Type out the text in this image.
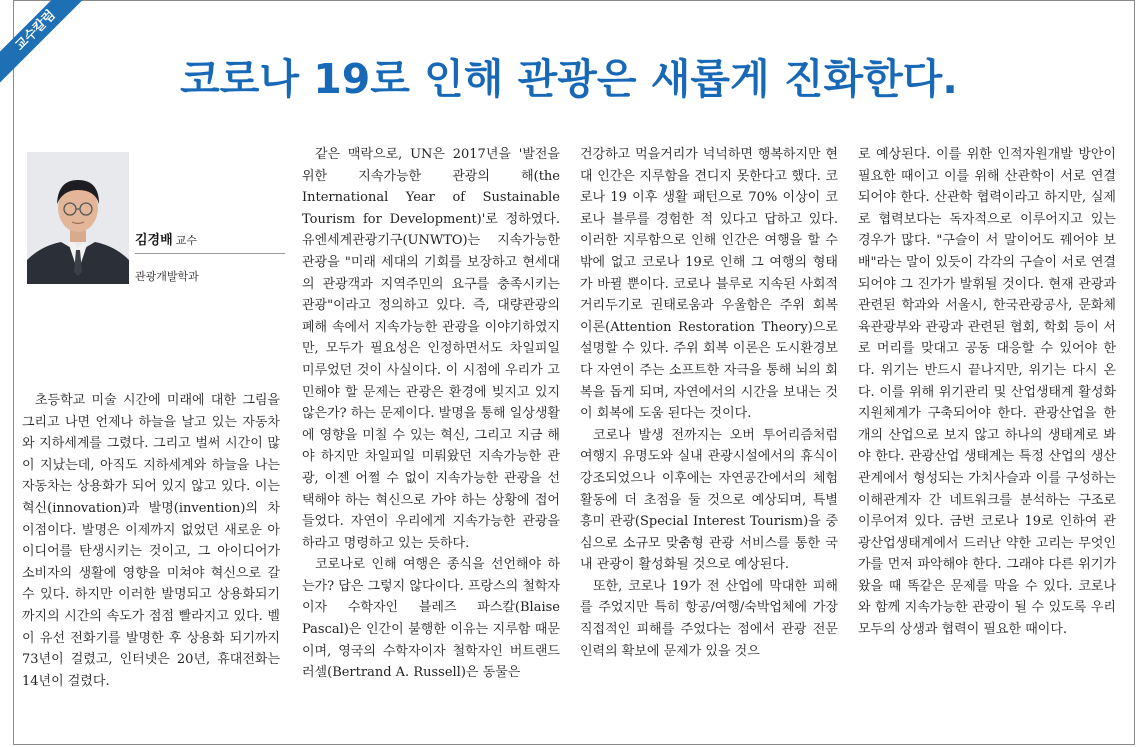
교수칼럼
코로나 19로 인해 관광은 새롭게 진화한다.
김경배 교수
관광개발학과

초등학교 미술 시간에 미래에 대한 그림을 그리고 나면 언제나 하늘을 날고 있는 자동차와 지하세계를 그렸다. 그리고 벌써 시간이 많이 지났는데, 아직도 지하세계와 하늘을 나는 자동차는 상용화가 되어 있지 않고 있다. 이는 혁신(innovation)과 발명(invention)의 차이점이다. 발명은 이제까지 없었던 새로운 아이디어를 탄생시키는 것이고, 그 아이디어가 소비자의 생활에 영향을 미쳐야 혁신으로 갈 수 있다. 하지만 이러한 발명되고 상용화되기까지의 시간의 속도가 점점 빨라지고 있다. 벨이 유선 전화기를 발명한 후 상용화 되기까지 73년이 걸렸고, 인터넷은 20년, 휴대전화는 14년이 걸렸다.

같은 맥락으로, UN은 2017년을 '발전을 위한 지속가능한 관광의 해(the International Year of Sustainable Tourism for Development)'로 정하였다. 유엔세계관광기구(UNWTO)는 지속가능한 관광을 "미래 세대의 기회를 보장하고 현세대의 관광객과 지역주민의 요구를 충족시키는 관광"이라고 정의하고 있다. 즉, 대량관광의 폐해 속에서 지속가능한 관광을 이야기하였지만, 모두가 필요성은 인정하면서도 차일피일 미루었던 것이 사실이다. 이 시점에 우리가 고민해야 할 문제는 관광은 환경에 빚지고 있지 않은가? 하는 문제이다. 발명을 통해 일상생활에 영향을 미칠 수 있는 혁신, 그리고 지금 해야 하지만 차일피일 미뤄왔던 지속가능한 관광, 이젠 어쩔 수 없이 지속가능한 관광을 선택해야 하는 혁신으로 가야 하는 상황에 접어들었다. 자연이 우리에게 지속가능한 관광을 하라고 명령하고 있는 듯하다.

코로나로 인해 여행은 종식을 선언해야 하는가? 답은 그렇지 않다이다. 프랑스의 철학자이자 수학자인 블레즈 파스칼(Blaise Pascal)은 인간이 불행한 이유는 지루함 때문이며, 영국의 수학자이자 철학자인 버트랜드 러셀(Bertrand A. Russell)은 동물은

건강하고 먹을거리가 넉넉하면 행복하지만 현대 인간은 지루함을 견디지 못한다고 했다. 코로나 19 이후 생활 패턴으로 70% 이상이 코로나 블루를 경험한 적 있다고 답하고 있다. 이러한 지루함으로 인해 인간은 여행을 할 수밖에 없고 코로나 19로 인해 그 여행의 형태가 바뀔 뿐이다. 코로나 블루로 지속된 사회적 거리두기로 권태로움과 우울함은 주위 회복 이론(Attention Restoration Theory)으로 설명할 수 있다. 주위 회복 이론은 도시환경보다 자연이 주는 소프트한 자극을 통해 뇌의 회복을 돕게 되며, 자연에서의 시간을 보내는 것이 회복에 도움 된다는 것이다.

코로나 발생 전까지는 오버 투어리즘처럼 여행지 유명도와 실내 관광시설에서의 휴식이 강조되었으나 이후에는 자연공간에서의 체험 활동에 더 초점을 둘 것으로 예상되며, 특별 흥미 관광(Special Interest Tourism)을 중심으로 소규모 맞춤형 관광 서비스를 통한 국내 관광이 활성화될 것으로 예상된다.

또한, 코로나 19가 전 산업에 막대한 피해를 주었지만 특히 항공/여행/숙박업체에 가장 직접적인 피해를 주었다는 점에서 관광 전문 인력의 확보에 문제가 있을 것으

로 예상된다. 이를 위한 인적자원개발 방안이 필요한 때이고 이를 위해 산관학이 서로 연결되어야 한다. 산관학 협력이라고 하지만, 실제로 협력보다는 독자적으로 이루어지고 있는 경우가 많다. "구슬이 서 말이어도 꿰어야 보배"라는 말이 있듯이 각각의 구슬이 서로 연결되어야 그 진가가 발휘될 것이다. 현재 관광과 관련된 학과와 서울시, 한국관광공사, 문화체육관광부와 관광과 관련된 협회, 학회 등이 서로 머리를 맞대고 공동 대응할 수 있어야 한다. 위기는 반드시 끝나지만, 위기는 다시 온다. 이를 위해 위기관리 및 산업생태계 활성화 지원체계가 구축되어야 한다. 관광산업을 한 개의 산업으로 보지 않고 하나의 생태계로 봐야 한다. 관광산업 생태계는 특정 산업의 생산 관계에서 형성되는 가치사슬과 이를 구성하는 이해관계자 간 네트워크를 분석하는 구조로 이루어져 있다. 금번 코로나 19로 인하여 관광산업생태계에서 드러난 약한 고리는 무엇인가를 먼저 파악해야 한다. 그래야 다른 위기가 왔을 때 똑같은 문제를 막을 수 있다. 코로나와 함께 지속가능한 관광이 될 수 있도록 우리 모두의 상생과 협력이 필요한 때이다.
